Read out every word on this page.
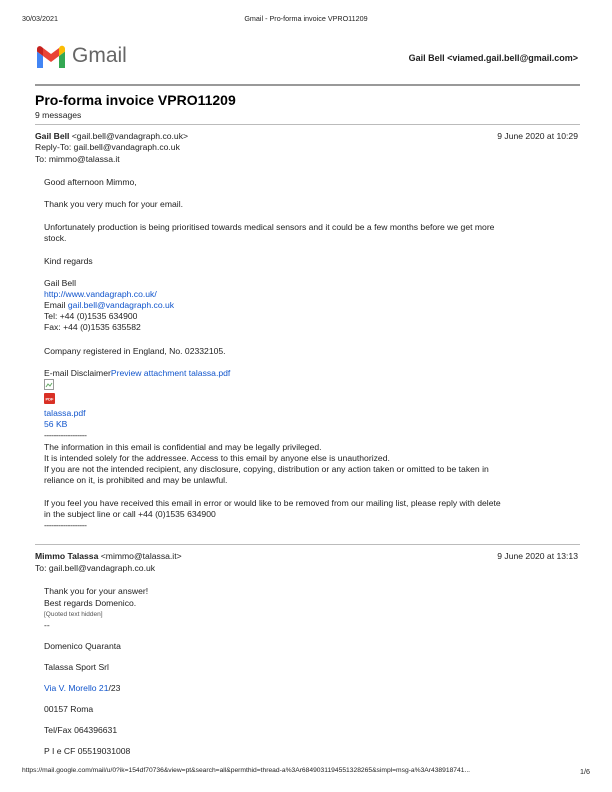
30/03/2021	Gmail - Pro-forma invoice VPRO11209
Gmail	Gail Bell <viamed.gail.bell@gmail.com>
Pro-forma invoice VPRO11209
9 messages
Gail Bell <gail.bell@vandagraph.co.uk>	9 June 2020 at 10:29
Reply-To: gail.bell@vandagraph.co.uk
To: mimmo@talassa.it
Good afternoon Mimmo,
Thank you very much for your email.
Unfortunately production is being prioritised towards medical sensors and it could be a few months before we get more
stock.
Kind regards
Gail Bell
http://www.vandagraph.co.uk/
Email gail.bell@vandagraph.co.uk
Tel: +44 (0)1535 634900
Fax: +44 (0)1535 635582
Company registered in England, No. 02332105.
E-mail DisclaimerPreview attachment talassa.pdf
PDF
talassa.pdf
56 KB
------------------
The information in this email is confidential and may be legally privileged.
It is intended solely for the addressee. Access to this email by anyone else is unauthorized.
If you are not the intended recipient, any disclosure, copying, distribution or any action taken or omitted to be taken in
reliance on it, is prohibited and may be unlawful.
If you feel you have received this email in error or would like to be removed from our mailing list, please reply with delete
in the subject line or call +44 (0)1535 634900
------------------
Mimmo Talassa <mimmo@talassa.it>	9 June 2020 at 13:13
To: gail.bell@vandagraph.co.uk
Thank you for your answer!
Best regards Domenico.
[Quoted text hidden]
--
Domenico Quaranta
Talassa Sport Srl
Via V. Morello 21/23
00157 Roma
Tel/Fax 064396631
P I e CF 05519031008
https://mail.google.com/mail/u/0?ik=154df70736&view=pt&search=all&permthid=thread-a%3Ar6849031194551328265&simpl=msg-a%3Ar438918741...	1/6
